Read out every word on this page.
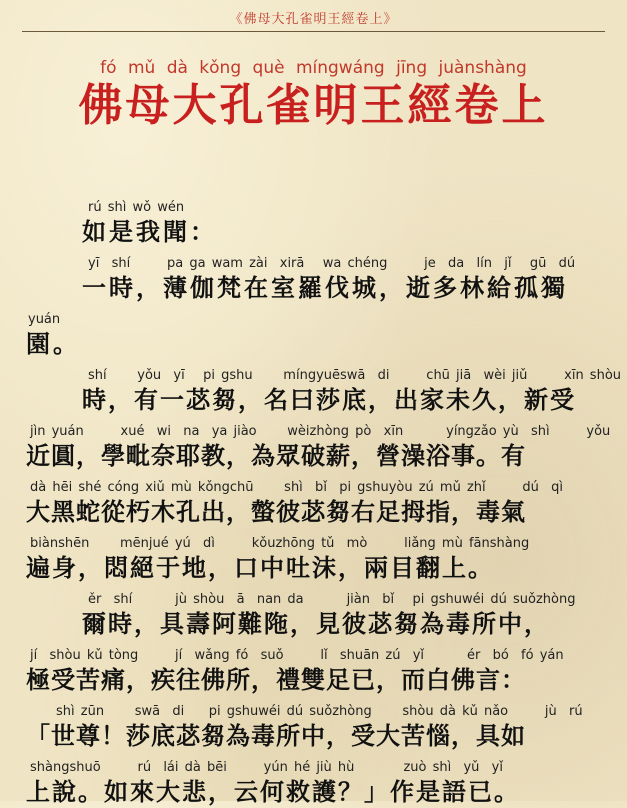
《佛母大孔雀明王經卷上》
fó mǔ dà kǒng què míngwáng jīng juànshàng
佛母大孔雀明王經卷上
rú shì wǒ wén
如是我聞：
yī  shí      pa ga wam zài  xirā   wa chéng      je  da  lín  jǐ   gū  dú
一時，薄伽梵在室羅伐城，逝多林給孤獨
yuán
園。
shí     yǒu  yī   pi gshu     míngyuēswā  di      chū jiā  wèi jiǔ      xīn shòu
時，有一苾芻，名曰莎底，出家未久，新受
jìn yuán      xué  wi  na  ya jiào     wèizhòng pò  xīn       yíngzǎo yù  shì      yǒu
近圓，學毗奈耶教，為眾破薪，營澡浴事。有
dà hēi shé cóng xiǔ mù kǒngchū     shì  bǐ  pi gshuyòu zú mǔ zhǐ      dú  qì
大黑蛇從朽木孔出，螫彼苾芻右足拇指，毒氣
biànshēn     mēnjué yú  dì      kǒuzhōng tǔ  mò      liǎng mù fānshàng
遍身，悶絕于地，口中吐沫，兩目翻上。
ěr  shí       jù shòu  ā  nan da       jiàn  bǐ   pi gshuwéi dú suǒzhòng
爾時，具壽阿難陁，見彼苾芻為毒所中，
jí  shòu kǔ tòng      jí  wǎng fó  suǒ      lǐ  shuān zú  yǐ       ér  bó  fó yán
極受苦痛，疾往佛所，禮雙足已，而白佛言：
shì zūn     swā  di    pi gshuwéi dú suǒzhòng     shòu dà kǔ nǎo      jù  rú
「世尊！莎底苾芻為毒所中，受大苦惱，具如
shàngshuō      rú  lái dà bēi      yún hé jiù hù        zuò shì  yǔ  yǐ
上說。如來大悲，云何救護？」作是語已。
